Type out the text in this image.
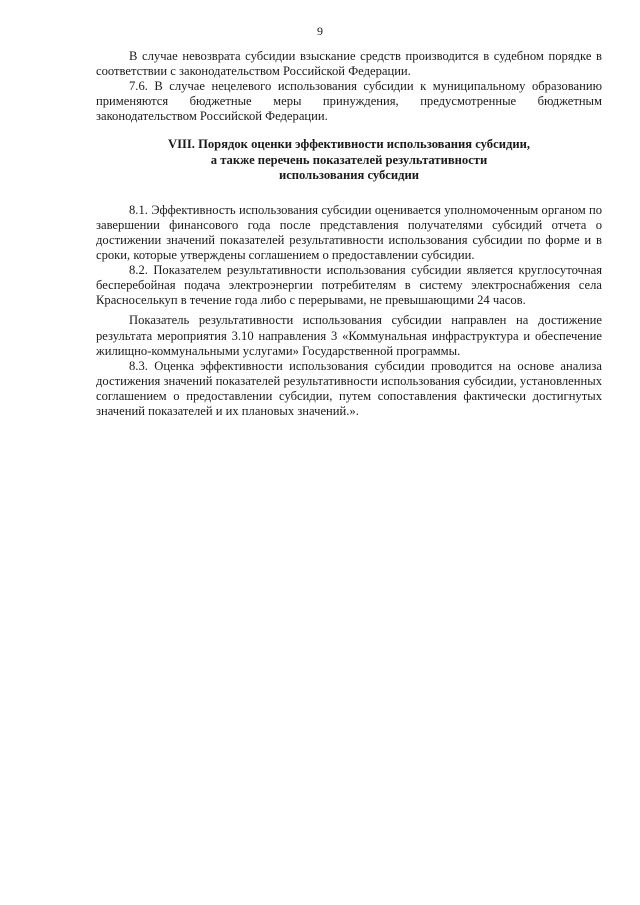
9

В случае невозврата субсидии взыскание средств производится в судебном порядке в соответствии с законодательством Российской Федерации.

7.6. В случае нецелевого использования субсидии к муниципальному образованию применяются бюджетные меры принуждения, предусмотренные бюджетным законодательством Российской Федерации.

VIII. Порядок оценки эффективности использования субсидии,
а также перечень показателей результативности
использования субсидии

8.1. Эффективность использования субсидии оценивается уполномоченным органом по завершении финансового года после представления получателями субсидий отчета о достижении значений показателей результативности использования субсидии по форме и в сроки, которые утверждены соглашением о предоставлении субсидии.

8.2. Показателем результативности использования субсидии является круглосуточная бесперебойная подача электроэнергии потребителям в систему электроснабжения села Красноселькуп в течение года либо с перерывами, не превышающими 24 часов.

Показатель результативности использования субсидии направлен на достижение результата мероприятия 3.10 направления 3 «Коммунальная инфраструктура и обеспечение жилищно-коммунальными услугами» Государственной программы.

8.3. Оценка эффективности использования субсидии проводится на основе анализа достижения значений показателей результативности использования субсидии, установленных соглашением о предоставлении субсидии, путем сопоставления фактически достигнутых значений показателей и их плановых значений.».
